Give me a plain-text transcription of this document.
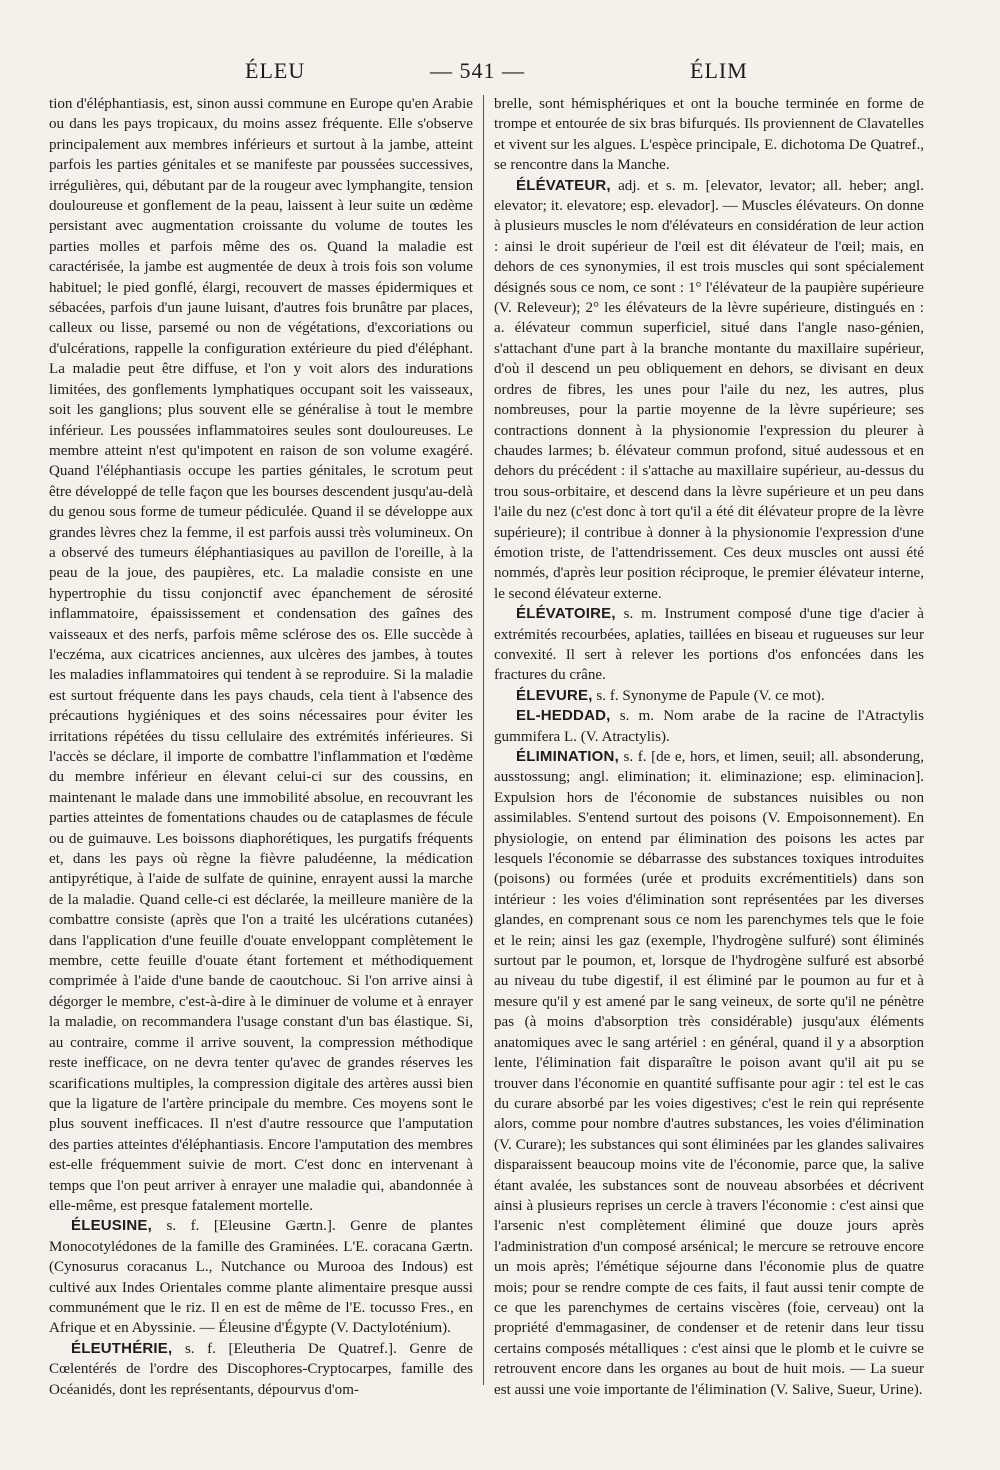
ÉLEU	— 541 —	ÉLIM

tion d'éléphantiasis, est, sinon aussi commune en Europe qu'en Arabie ou dans les pays tropicaux, du moins assez fréquente. Elle s'observe principalement aux membres inférieurs et surtout à la jambe, atteint parfois les parties génitales et se manifeste par poussées successives, irrégulières, qui, débutant par de la rougeur avec lymphangite, tension douloureuse et gonflement de la peau, laissent à leur suite un œdème persistant avec augmentation croissante du volume de toutes les parties molles et parfois même des os. Quand la maladie est caractérisée, la jambe est augmentée de deux à trois fois son volume habituel; le pied gonflé, élargi, recouvert de masses épidermiques et sébacées, parfois d'un jaune luisant, d'autres fois brunâtre par places, calleux ou lisse, parsemé ou non de végétations, d'excoriations ou d'ulcérations, rappelle la configuration extérieure du pied d'éléphant. La maladie peut être diffuse, et l'on y voit alors des indurations limitées, des gonflements lymphatiques occupant soit les vaisseaux, soit les ganglions; plus souvent elle se généralise à tout le membre inférieur. Les poussées inflammatoires seules sont douloureuses. Le membre atteint n'est qu'impotent en raison de son volume exagéré. Quand l'éléphantiasis occupe les parties génitales, le scrotum peut être développé de telle façon que les bourses descendent jusqu'au-delà du genou sous forme de tumeur pédiculée. Quand il se développe aux grandes lèvres chez la femme, il est parfois aussi très volumineux. On a observé des tumeurs éléphantiasiques au pavillon de l'oreille, à la peau de la joue, des paupières, etc. La maladie consiste en une hypertrophie du tissu conjonctif avec épanchement de sérosité inflammatoire, épaississement et condensation des gaînes des vaisseaux et des nerfs, parfois même sclérose des os. Elle succède à l'eczéma, aux cicatrices anciennes, aux ulcères des jambes, à toutes les maladies inflammatoires qui tendent à se reproduire. Si la maladie est surtout fréquente dans les pays chauds, cela tient à l'absence des précautions hygiéniques et des soins nécessaires pour éviter les irritations répétées du tissu cellulaire des extrémités inférieures. Si l'accès se déclare, il importe de combattre l'inflammation et l'œdème du membre inférieur en élevant celui-ci sur des coussins, en maintenant le malade dans une immobilité absolue, en recouvrant les parties atteintes de fomentations chaudes ou de cataplasmes de fécule ou de guimauve. Les boissons diaphorétiques, les purgatifs fréquents et, dans les pays où règne la fièvre paludéenne, la médication antipyrétique, à l'aide de sulfate de quinine, enrayent aussi la marche de la maladie. Quand celle-ci est déclarée, la meilleure manière de la combattre consiste (après que l'on a traité les ulcérations cutanées) dans l'application d'une feuille d'ouate enveloppant complètement le membre, cette feuille d'ouate étant fortement et méthodiquement comprimée à l'aide d'une bande de caoutchouc. Si l'on arrive ainsi à dégorger le membre, c'est-à-dire à le diminuer de volume et à enrayer la maladie, on recommandera l'usage constant d'un bas élastique. Si, au contraire, comme il arrive souvent, la compression méthodique reste inefficace, on ne devra tenter qu'avec de grandes réserves les scarifications multiples, la compression digitale des artères aussi bien que la ligature de l'artère principale du membre. Ces moyens sont le plus souvent inefficaces. Il n'est d'autre ressource que l'amputation des parties atteintes d'éléphantiasis. Encore l'amputation des membres est-elle fréquemment suivie de mort. C'est donc en intervenant à temps que l'on peut arriver à enrayer une maladie qui, abandonnée à elle-même, est presque fatalement mortelle.

ÉLEUSINE, s. f. [Eleusine Gærtn.]. Genre de plantes Monocotylédones de la famille des Graminées. L'E. coracana Gærtn. (Cynosurus coracanus L., Nutchance ou Murooa des Indous) est cultivé aux Indes Orientales comme plante alimentaire presque aussi communément que le riz. Il en est de même de l'E. tocusso Fres., en Afrique et en Abyssinie. — Éleusine d'Égypte (V. Dactyloténium).

ÉLEUTHÉRIE, s. f. [Eleutheria De Quatref.]. Genre de Cœlentérés de l'ordre des Discophores-Cryptocarpes, famille des Océanidés, dont les représentants, dépourvus d'om-

brelle, sont hémisphériques et ont la bouche terminée en forme de trompe et entourée de six bras bifurqués. Ils proviennent de Clavatelles et vivent sur les algues. L'espèce principale, E. dichotoma De Quatref., se rencontre dans la Manche.

ÉLÉVATEUR, adj. et s. m. [elevator, levator; all. heber; angl. elevator; it. elevatore; esp. elevador]. — Muscles élévateurs. On donne à plusieurs muscles le nom d'élévateurs en considération de leur action : ainsi le droit supérieur de l'œil est dit élévateur de l'œil; mais, en dehors de ces synonymies, il est trois muscles qui sont spécialement désignés sous ce nom, ce sont : 1° l'élévateur de la paupière supérieure (V. Releveur); 2° les élévateurs de la lèvre supérieure, distingués en : a. élévateur commun superficiel, situé dans l'angle naso-génien, s'attachant d'une part à la branche montante du maxillaire supérieur, d'où il descend un peu obliquement en dehors, se divisant en deux ordres de fibres, les unes pour l'aile du nez, les autres, plus nombreuses, pour la partie moyenne de la lèvre supérieure; ses contractions donnent à la physionomie l'expression du pleurer à chaudes larmes; b. élévateur commun profond, situé audessous et en dehors du précédent : il s'attache au maxillaire supérieur, au-dessus du trou sous-orbitaire, et descend dans la lèvre supérieure et un peu dans l'aile du nez (c'est donc à tort qu'il a été dit élévateur propre de la lèvre supérieure); il contribue à donner à la physionomie l'expression d'une émotion triste, de l'attendrissement. Ces deux muscles ont aussi été nommés, d'après leur position réciproque, le premier élévateur interne, le second élévateur externe.

ÉLÉVATOIRE, s. m. Instrument composé d'une tige d'acier à extrémités recourbées, aplaties, taillées en biseau et rugueuses sur leur convexité. Il sert à relever les portions d'os enfoncées dans les fractures du crâne.

ÉLEVURE, s. f. Synonyme de Papule (V. ce mot).

EL-HEDDAD, s. m. Nom arabe de la racine de l'Atractylis gummifera L. (V. Atractylis).

ÉLIMINATION, s. f. [de e, hors, et limen, seuil; all. absonderung, ausstossung; angl. elimination; it. eliminazione; esp. eliminacion]. Expulsion hors de l'économie de substances nuisibles ou non assimilables. S'entend surtout des poisons (V. Empoisonnement). En physiologie, on entend par élimination des poisons les actes par lesquels l'économie se débarrasse des substances toxiques introduites (poisons) ou formées (urée et produits excrémentitiels) dans son intérieur : les voies d'élimination sont représentées par les diverses glandes, en comprenant sous ce nom les parenchymes tels que le foie et le rein; ainsi les gaz (exemple, l'hydrogène sulfuré) sont éliminés surtout par le poumon, et, lorsque de l'hydrogène sulfuré est absorbé au niveau du tube digestif, il est éliminé par le poumon au fur et à mesure qu'il y est amené par le sang veineux, de sorte qu'il ne pénètre pas (à moins d'absorption très considérable) jusqu'aux éléments anatomiques avec le sang artériel : en général, quand il y a absorption lente, l'élimination fait disparaître le poison avant qu'il ait pu se trouver dans l'économie en quantité suffisante pour agir : tel est le cas du curare absorbé par les voies digestives; c'est le rein qui représente alors, comme pour nombre d'autres substances, les voies d'élimination (V. Curare); les substances qui sont éliminées par les glandes salivaires disparaissent beaucoup moins vite de l'économie, parce que, la salive étant avalée, les substances sont de nouveau absorbées et décrivent ainsi à plusieurs reprises un cercle à travers l'économie : c'est ainsi que l'arsenic n'est complètement éliminé que douze jours après l'administration d'un composé arsénical; le mercure se retrouve encore un mois après; l'émétique séjourne dans l'économie plus de quatre mois; pour se rendre compte de ces faits, il faut aussi tenir compte de ce que les parenchymes de certains viscères (foie, cerveau) ont la propriété d'emmagasiner, de condenser et de retenir dans leur tissu certains composés métalliques : c'est ainsi que le plomb et le cuivre se retrouvent encore dans les organes au bout de huit mois. — La sueur est aussi une voie importante de l'élimination (V. Salive, Sueur, Urine).
